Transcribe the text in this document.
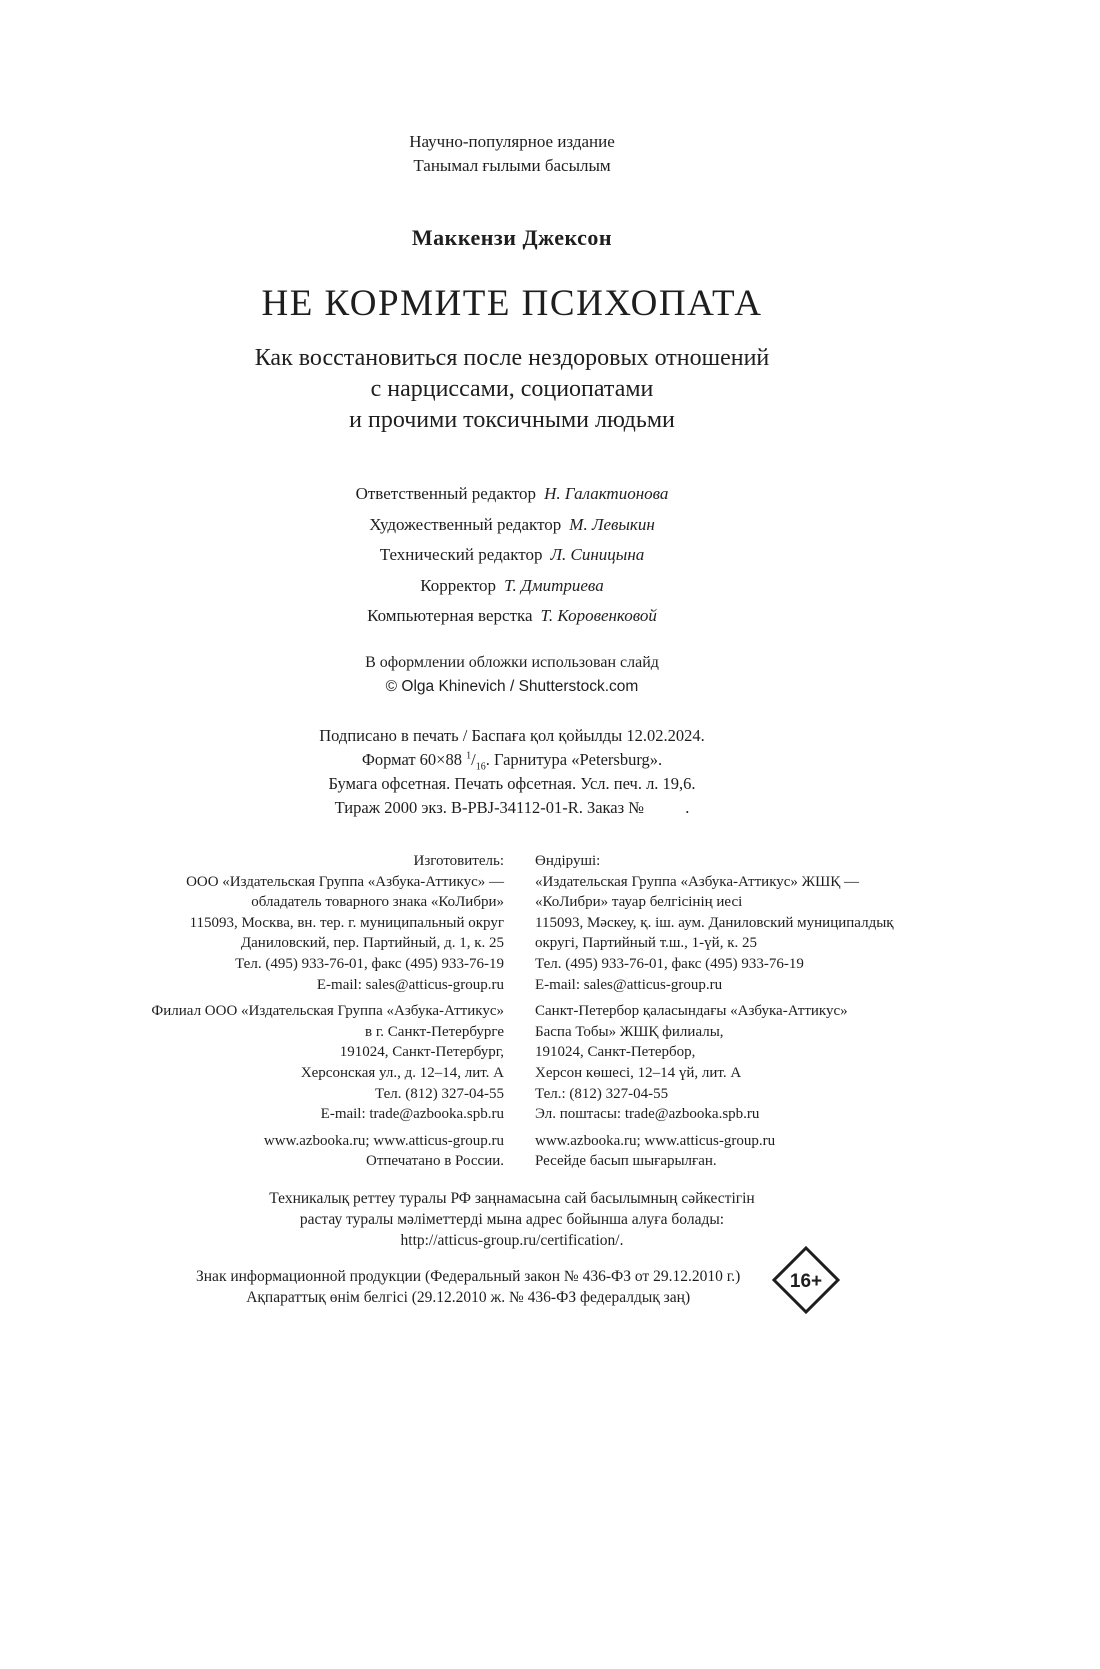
Научно-популярное издание
Танымал ғылыми басылым
Маккензи Джексон
НЕ КОРМИТЕ ПСИХОПАТА
Как восстановиться после нездоровых отношений
с нарциссами, социопатами
и прочими токсичными людьми
Ответственный редактор Н. Галактионова
Художественный редактор М. Левыкин
Технический редактор Л. Синицына
Корректор Т. Дмитриева
Компьютерная верстка Т. Коровенковой
В оформлении обложки использован слайд
© Olga Khinevich / Shutterstock.com
Подписано в печать / Баспаға қол қойылды 12.02.2024.
Формат 60×88 $^1/_{16}$. Гарнитура «Petersburg».
Бумага офсетная. Печать офсетная. Усл. печ. л. 19,6.
Тираж 2000 экз. B-PBJ-34112-01-R. Заказ №          .
Изготовитель:
ООО «Издательская Группа «Азбука-Аттикус» —
обладатель товарного знака «КоЛибри»
115093, Москва, вн. тер. г. муниципальный округ
Даниловский, пер. Партийный, д. 1, к. 25
Тел. (495) 933-76-01, факс (495) 933-76-19
E-mail: sales@atticus-group.ru
Филиал ООО «Издательская Группа «Азбука-Аттикус»
в г. Санкт-Петербурге
191024, Санкт-Петербург,
Херсонская ул., д. 12–14, лит. А
Тел. (812) 327-04-55
E-mail: trade@azbooka.spb.ru
www.azbooka.ru; www.atticus-group.ru
Отпечатано в России.
Өндіруші:
«Издательская Группа «Азбука-Аттикус» ЖШҚ —
«КоЛибри» тауар белгісінің иесі
115093, Мәскеу, қ. іш. аум. Даниловский муниципалдық
округі, Партийный т.ш., 1-үй, к. 25
Тел. (495) 933-76-01, факс (495) 933-76-19
E-mail: sales@atticus-group.ru
Санкт-Петербор қаласындағы «Азбука-Аттикус»
Баспа Тобы» ЖШҚ филиалы,
191024, Санкт-Петербор,
Херсон көшесі, 12–14 үй, лит. А
Тел.: (812) 327-04-55
Эл. поштасы: trade@azbooka.spb.ru
www.azbooka.ru; www.atticus-group.ru
Ресейде басып шығарылған.
Техникалық реттеу туралы РФ заңнамасына сай басылымның сәйкестігін
растау туралы мәліметтерді мына адрес бойынша алуға болады:
http://atticus-group.ru/certification/.
Знак информационной продукции (Федеральный закон № 436-ФЗ от 29.12.2010 г.)
Ақпараттық өнім белгісі (29.12.2010 ж. № 436-ФЗ федералдық заң)
16+
